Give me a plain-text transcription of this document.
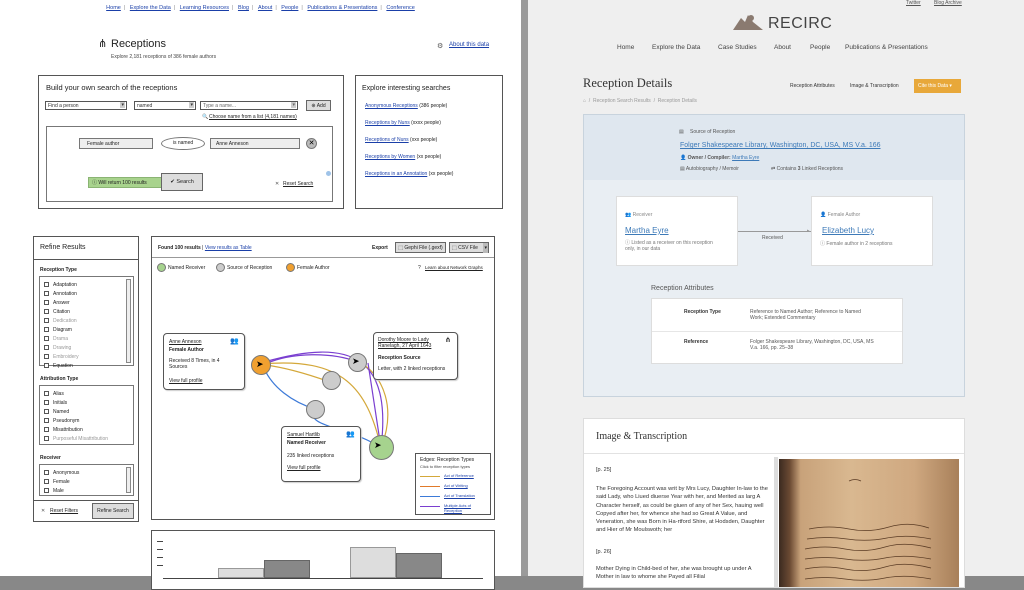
Home | Explore the Data | Learning Resources | Blog | About | People | Publications & Presentations | Conference
⋔ Receptions
Explore 2,181 receptions of 386 female authors
⚙ About this data
Build your own search of the receptions
Find a person ▾	named ▾	Type a name... ▾	⊕ Add
🔍 Choose name from a list (4,181 names)
Female author	is named	Anne Anneson	✕
ⓘ Will return 100 results	✔ Search	✕ Reset Search
Explore interesting searches
Anonymous Receptions (386 people)
Receptions by Nuns (xxxx people)
Receptions of Nuns (xxx people)
Receptions by Women (xx people)
Receptions in an Annotation (xx people)
Refine Results
Reception Type
Adaptation
Annotation
Answer
Citation
Dedication
Diagram
Drama
Drawing
Embroidery
Equation
Attribution Type
Alias
Initials
Named
Pseudonym
Misattribution
Purposeful Misattribution
Receiver
Anonymous
Female
Male
✕ Reset Filters	Refine Search
Found 100 results | View results as Table	Export	⬚ Gephi File (.gexf)	⬚ CSV File ▾
Named Receiver	Source of Reception	Female Author	? Learn about Network Graphs
➤	➤
➤
Anne Anneson	👥
Female Author
Received 8 Times, in 4 Sources
View full profile
Dorothy Moore to Lady Ranelagh, 27 April 1643
⋔
Reception Source
Letter, with 2 linked receptions
Samuel Hartlib	👥
Named Receiver
235 linked receptions
View full profile
Edges: Reception Types
Click to filter reception types
Act of Reference
Act of Writing
Act of Translation
Multiple Acts of Reception
Twitter	Blog Archive
RECIRC
Home	Explore the Data	Case Studies	About	People Publications & Presentations
Reception Details	Reception Attributes	Image & Transcription	Cite this Data ▾
⌂  /  Reception Search Results  /  Reception Details
▤ Source of Reception
Folger Shakespeare Library, Washington, DC, USA, MS V.a. 166
👤 Owner / Compiler: Martha Eyre
▤ Autobiography / Memoir	⇄ Contains 3 Linked Receptions
👥 Receiver
Martha Eyre
ⓘ Listed as a receiver on this reception only, in our data
▸
Received
👤 Female Author
Elizabeth Lucy
ⓘ Female author in 2 receptions
Reception Attributes
Reception Type	Reference to Named Author; Reference to Named Work; Extended Commentary
Reference	Folger Shakespeare Library, Washington, DC, USA, MS V.a. 166, pp. 25–38
Image & Transcription
[p. 25]
The Foregoing Account was writ by Mrs Lucy, Daughter In-law to the said Lady, who Liued diuerse Year with her, and Merited as larg A Character herself, as could be giuen of any of her Sex, hauing well Copyed after her, for whence she had so Great A Value, and Veneration, she was Born in Ha-rtford Shire, at Hodsden, Daughter and Hier of Mr Moulswoth; her
[p. 26]
Mother Dying in Child-bed of her, she was brought up under A Mother in law to whome she Payed all Filial
